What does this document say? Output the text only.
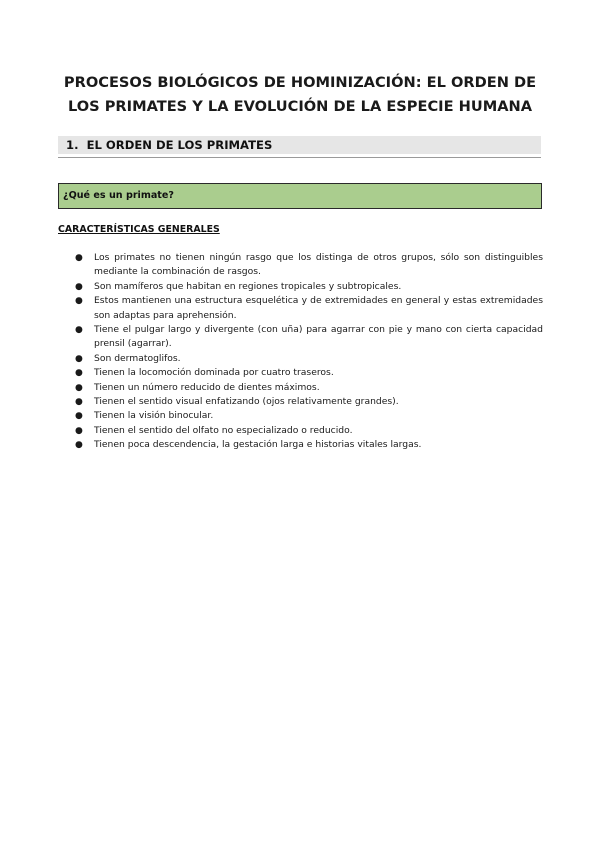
PROCESOS BIOLÓGICOS DE HOMINIZACIÓN: EL ORDEN DE
LOS PRIMATES Y LA EVOLUCIÓN DE LA ESPECIE HUMANA
1. EL ORDEN DE LOS PRIMATES
¿Qué es un primate?
CARACTERÍSTICAS GENERALES
● Los primates no tienen ningún rasgo que los distinga de otros grupos, sólo son distinguibles mediante la combinación de rasgos.
● Son mamíferos que habitan en regiones tropicales y subtropicales.
● Estos mantienen una estructura esquelética y de extremidades en general y estas extremidades son adaptas para aprehensión.
● Tiene el pulgar largo y divergente (con uña) para agarrar con pie y mano con cierta capacidad prensil (agarrar).
● Son dermatoglifos.
● Tienen la locomoción dominada por cuatro traseros.
● Tienen un número reducido de dientes máximos.
● Tienen el sentido visual enfatizando (ojos relativamente grandes).
● Tienen la visión binocular.
● Tienen el sentido del olfato no especializado o reducido.
● Tienen poca descendencia, la gestación larga e historias vitales largas.
